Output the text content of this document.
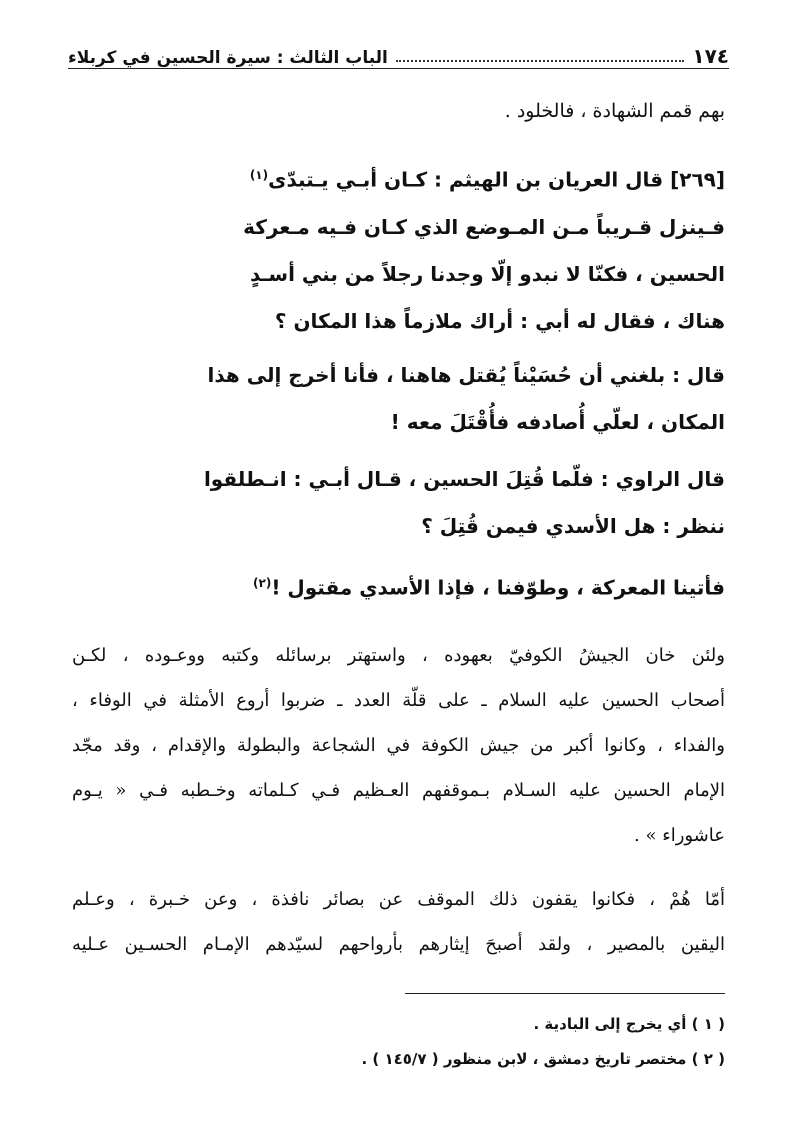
١٧٤
الباب الثالث : سيرة الحسين في كربلاء

بهم قمم الشهادة ، فالخلود .

[٢٦٩] قال العريان بن الهيثم : كـان أبـي يـتبدّى$^{(١)}$
فـينزل قـريباً مـن المـوضع الذي كـان فـيه مـعركة
الحسين ، فكنّا لا نبدو إلّا وجدنا رجلاً من بني أسـدٍ
هناك ، فقال له أبي : أراك ملازماً هذا المكان ؟
قال : بلغني أن حُسَيْناً يُقتل هاهنا ، فأنا أخرج إلى هذا
المكان ، لعلّي أُصادفه فأُقْتَلَ معه !
قال الراوي : فلّما قُتِلَ الحسين ، قـال أبـي : انـطلقوا
ننظر : هل الأسدي فيمن قُتِلَ ؟
فأتينا المعركة ، وطوّفنا ، فإذا الأسدي مقتول !$^{(٢)}$
ولئن خان الجيشُ الكوفيّ بعهوده ، واستهتر برسائله وكتبه ووعـوده ، لكـن
أصحاب الحسين عليه السلام ـ على قلّة العدد ـ ضربوا أروع الأمثلة في الوفاء ،
والفداء ، وكانوا أكبر من جيش الكوفة في الشجاعة والبطولة والإقدام ، وقد مجّد
الإمام الحسين عليه السـلام بـموقفهم العـظيم فـي كـلماته وخـطبه فـي « يـوم
عاشوراء » .
أمّا هُمْ ، فكانوا يقفون ذلك الموقف عن بصائر نافذة ، وعن خـبرة ، وعـلم
اليقين بالمصير ، ولقد أصبحَ إيثارهم بأرواحهم لسيّدهم الإمـام الحسـين عـليه

( ١ ) أي يخرج إلى البادية .

( ٢ ) مختصر تاريخ دمشق ، لابن منظور ( ١٤٥/٧ ) .
